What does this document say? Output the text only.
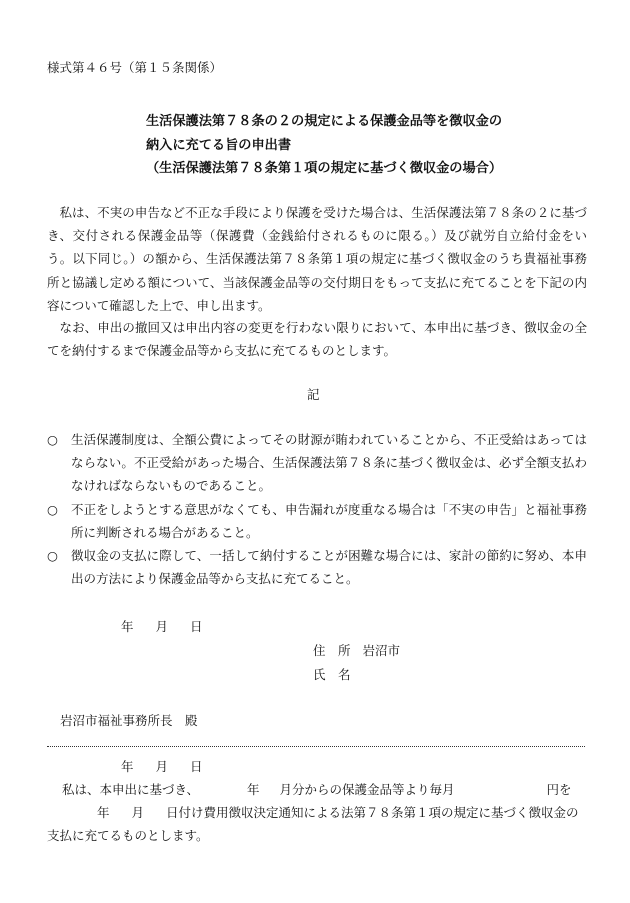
様式第４６号（第１５条関係）
生活保護法第７８条の２の規定による保護金品等を徴収金の
納入に充てる旨の申出書
（生活保護法第７８条第１項の規定に基づく徴収金の場合）

私は、不実の申告など不正な手段により保護を受けた場合は、生活保護法第７８条の２に基づき、交付される保護金品等（保護費（金銭給付されるものに限る。）及び就労自立給付金をいう。以下同じ。）の額から、生活保護法第７８条第１項の規定に基づく徴収金のうち貴福祉事務所と協議し定める額について、当該保護金品等の交付期日をもって支払に充てることを下記の内容について確認した上で、申し出ます。

なお、申出の撤回又は申出内容の変更を行わない限りにおいて、本申出に基づき、徴収金の全てを納付するまで保護金品等から支払に充てるものとします。

記
○ 生活保護制度は、全額公費によってその財源が賄われていることから、不正受給はあってはならない。不正受給があった場合、生活保護法第７８条に基づく徴収金は、必ず全額支払わなければならないものであること。
○ 不正をしようとする意思がなくても、申告漏れが度重なる場合は「不実の申告」と福祉事務所に判断される場合があること。
○ 徴収金の支払に際して、一括して納付することが困難な場合には、家計の節約に努め、本申出の方法により保護金品等から支払に充てること。
年 月 日
住　所 岩沼市
氏　名
岩沼市福祉事務所長　殿
年 月 日
私は、本申出に基づき、	年 月分からの保護金品等より毎月	円を
年 月 日付け費用徴収決定通知による法第７８条第１項の規定に基づく徴収金の
支払に充てるものとします。
